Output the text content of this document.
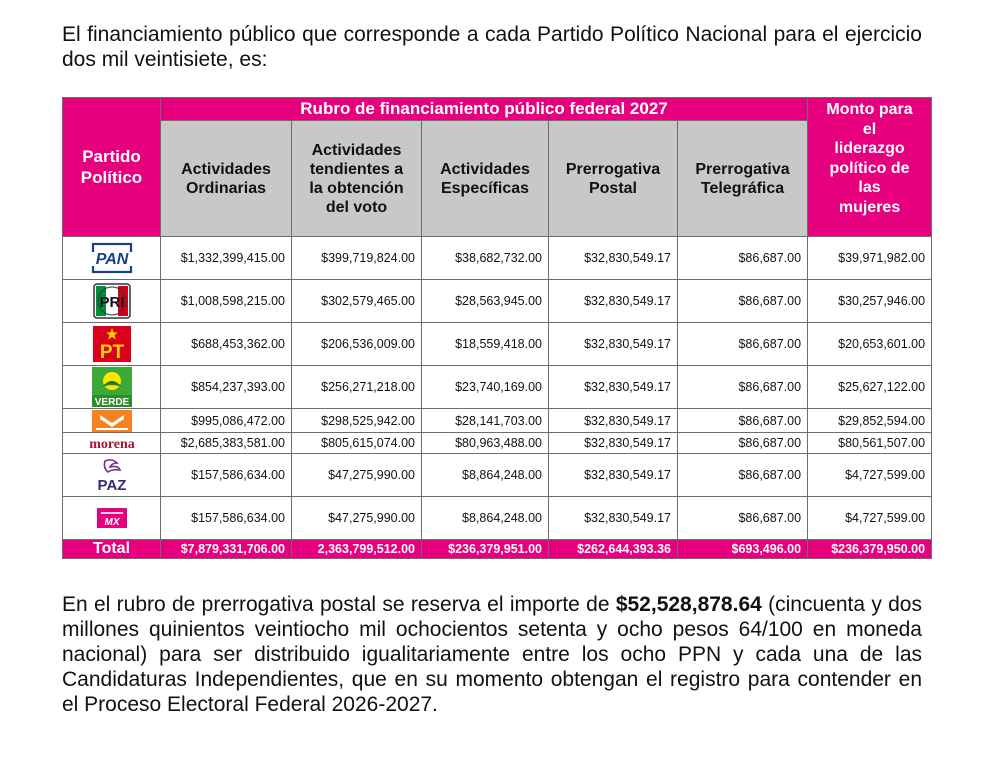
El financiamiento público que corresponde a cada Partido Político Nacional para el ejercicio dos mil veintisiete, es:

Partido Político	Rubro de financiamiento público federal 2027					Monto para el liderazgo político de las mujeres

	Actividades Ordinarias	Actividades tendientes a la obtención del voto	Actividades Específicas	Prerrogativa Postal	Prerrogativa Telegráfica	

PAN	$1,332,399,415.00	$399,719,824.00	$38,682,732.00	$32,830,549.17	$86,687.00	$39,971,982.00

PRI	$1,008,598,215.00	$302,579,465.00	$28,563,945.00	$32,830,549.17	$86,687.00	$30,257,946.00

PT	$688,453,362.00	$206,536,009.00	$18,559,418.00	$32,830,549.17	$86,687.00	$20,653,601.00

VERDE	$854,237,393.00	$256,271,218.00	$23,740,169.00	$32,830,549.17	$86,687.00	$25,627,122.00

	$995,086,472.00	$298,525,942.00	$28,141,703.00	$32,830,549.17	$86,687.00	$29,852,594.00

morena	$2,685,383,581.00	$805,615,074.00	$80,963,488.00	$32,830,549.17	$86,687.00	$80,561,507.00

PAZ	$157,586,634.00	$47,275,990.00	$8,864,248.00	$32,830,549.17	$86,687.00	$4,727,599.00

MX	$157,586,634.00	$47,275,990.00	$8,864,248.00	$32,830,549.17	$86,687.00	$4,727,599.00
Total	$7,879,331,706.00	2,363,799,512.00	$236,379,951.00	$262,644,393.36	$693,496.00	$236,379,950.00

En el rubro de prerrogativa postal se reserva el importe de $52,528,878.64 (cincuenta y dos millones quinientos veintiocho mil ochocientos setenta y ocho pesos 64/100 en moneda nacional) para ser distribuido igualitariamente entre los ocho PPN y cada una de las Candidaturas Independientes, que en su momento obtengan el registro para contender en el Proceso Electoral Federal 2026-2027.
